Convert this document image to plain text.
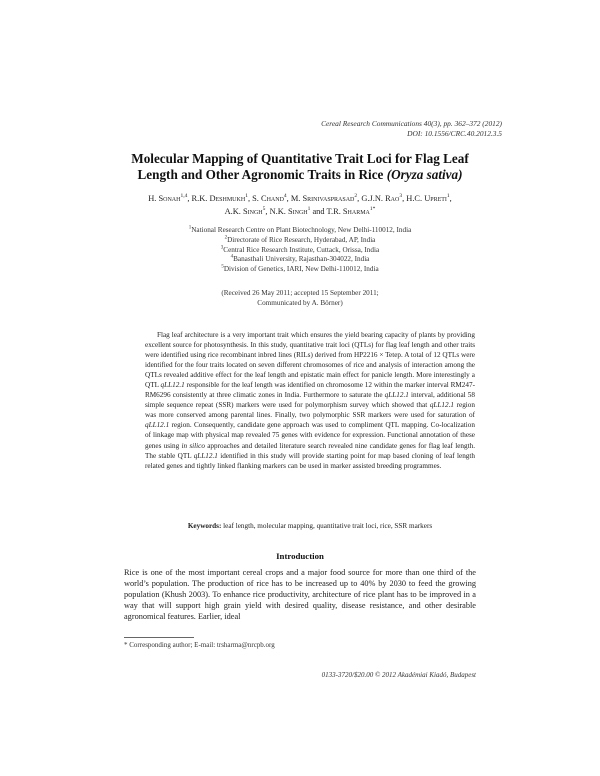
Cereal Research Communications 40(3), pp. 362–372 (2012)
DOI: 10.1556/CRC.40.2012.3.5
Molecular Mapping of Quantitative Trait Loci for Flag Leaf
Length and Other Agronomic Traits in Rice (Oryza sativa)
H. Sonah$^{1,4}$, R.K. Deshmukh$^1$, S. Chand$^4$, M. Srinivasprasad$^2$, G.J.N. Rao$^3$, H.C. Upreti$^1$,
A.K. Singh$^5$, N.K. Singh$^1$ and T.R. Sharma$^{1*}$
$^1$National Research Centre on Plant Biotechnology, New Delhi-110012, India
$^2$Directorate of Rice Research, Hyderabad, AP, India
$^3$Central Rice Research Institute, Cuttack, Orissa, India
$^4$Banasthali University, Rajasthan-304022, India
$^5$Division of Genetics, IARI, New Delhi-110012, India
(Received 26 May 2011; accepted 15 September 2011;
Communicated by A. Börner)

Flag leaf architecture is a very important trait which ensures the yield bearing capacity of plants by providing excellent source for photosynthesis. In this study, quantitative trait loci (QTLs) for flag leaf length and other traits were identified using rice recombinant inbred lines (RILs) derived from HP2216 × Tetep. A total of 12 QTLs were identified for the four traits located on seven different chromosomes of rice and analysis of interaction among the QTLs revealed additive effect for the leaf length and epistatic main effect for panicle length. More interestingly a QTL qLL12.1 responsible for the leaf length was identified on chromosome 12 within the marker interval RM247-RM6296 consistently at three climatic zones in India. Furthermore to saturate the qLL12.1 interval, additional 58 simple sequence repeat (SSR) markers were used for polymorphism survey which showed that qLL12.1 region was more conserved among parental lines. Finally, two polymorphic SSR markers were used for saturation of qLL12.1 region. Consequently, candidate gene approach was used to compliment QTL mapping. Co-localization of linkage map with physical map revealed 75 genes with evidence for expression. Functional annotation of these genes using in silico approaches and detailed literature search revealed nine candidate genes for flag leaf length. The stable QTL qLL12.1 identified in this study will provide starting point for map based cloning of leaf length related genes and tightly linked flanking markers can be used in marker assisted breeding programmes.

Keywords: leaf length, molecular mapping, quantitative trait loci, rice, SSR markers
Introduction

Rice is one of the most important cereal crops and a major food source for more than one third of the world’s population. The production of rice has to be increased up to 40% by 2030 to feed the growing population (Khush 2003). To enhance rice productivity, architecture of rice plant has to be improved in a way that will support high grain yield with desired quality, disease resistance, and other desirable agronomical features. Earlier, ideal

* Corresponding author; E-mail: trsharma@nrcpb.org
0133-3720/$20.00 © 2012 Akadémiai Kiadó, Budapest
